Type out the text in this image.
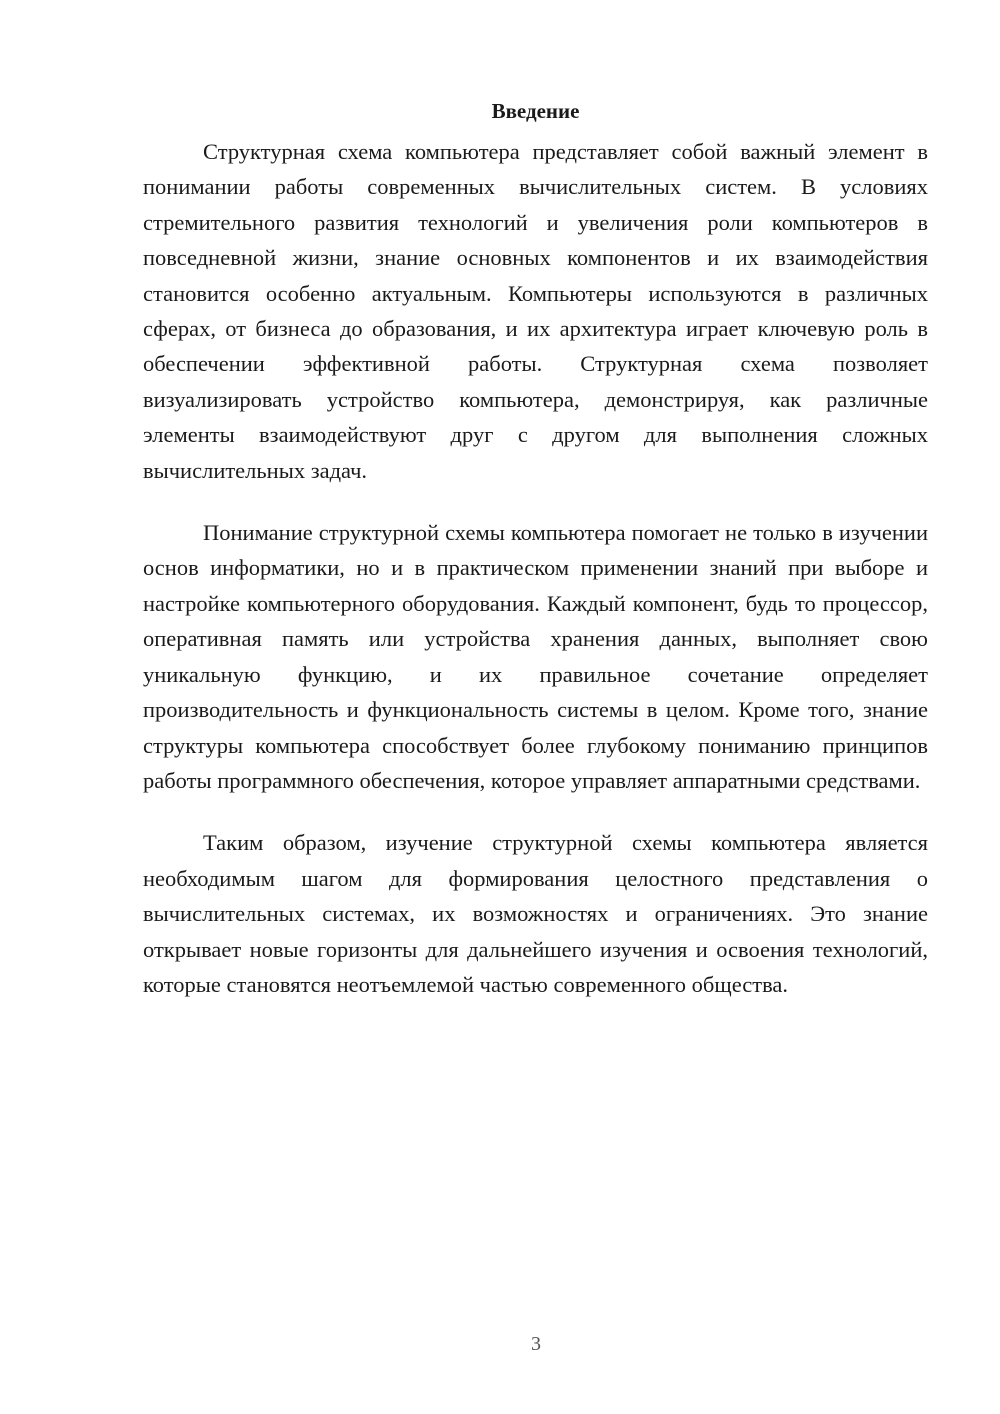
Введение

Структурная схема компьютера представляет собой важный элемент в понимании работы современных вычислительных систем. В условиях стремительного развития технологий и увеличения роли компьютеров в повседневной жизни, знание основных компонентов и их взаимодействия становится особенно актуальным. Компьютеры используются в различных сферах, от бизнеса до образования, и их архитектура играет ключевую роль в обеспечении эффективной работы. Структурная схема позволяет визуализировать устройство компьютера, демонстрируя, как различные элементы взаимодействуют друг с другом для выполнения сложных вычислительных задач.

Понимание структурной схемы компьютера помогает не только в изучении основ информатики, но и в практическом применении знаний при выборе и настройке компьютерного оборудования. Каждый компонент, будь то процессор, оперативная память или устройства хранения данных, выполняет свою уникальную функцию, и их правильное сочетание определяет производительность и функциональность системы в целом. Кроме того, знание структуры компьютера способствует более глубокому пониманию принципов работы программного обеспечения, которое управляет аппаратными средствами.

Таким образом, изучение структурной схемы компьютера является необходимым шагом для формирования целостного представления о вычислительных системах, их возможностях и ограничениях. Это знание открывает новые горизонты для дальнейшего изучения и освоения технологий, которые становятся неотъемлемой частью современного общества.

3
